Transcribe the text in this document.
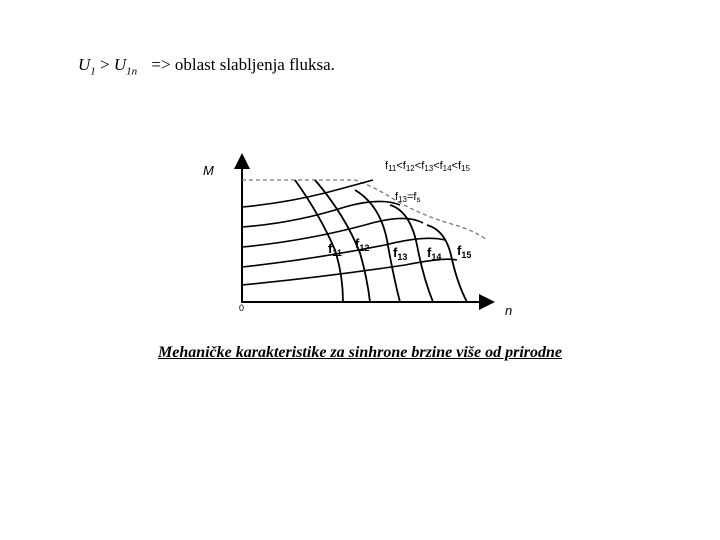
$U_1 > U_{1n}$ => oblast slabljenja fluksa.
M
n
0
$f_{11}$
$f_{12}$ $f_{13}$ $f_{14}$ $f_{15}$
f11<f12<f13<f14<f15
f13=fs
Mehaničke karakteristike za sinhrone brzine više od prirodne
